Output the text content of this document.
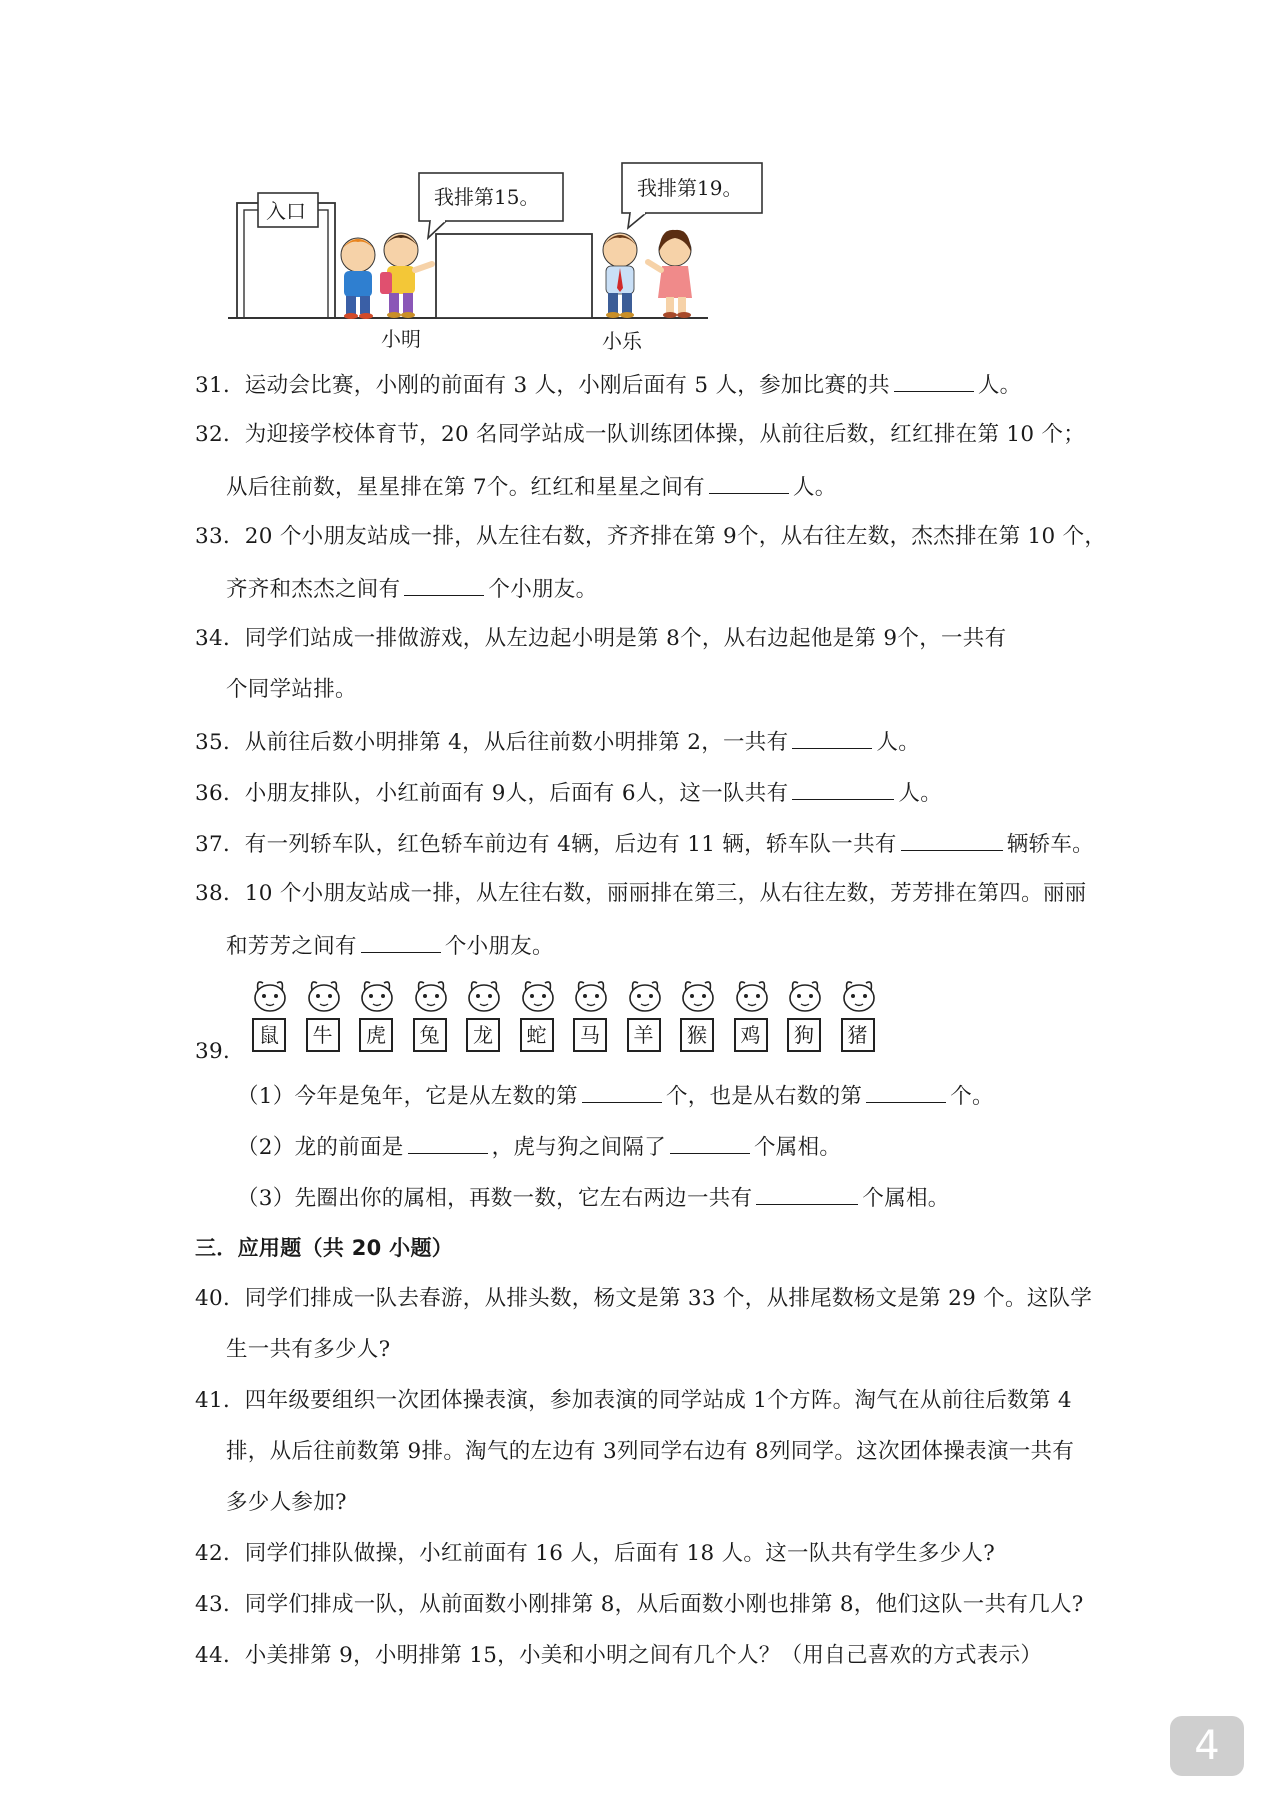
入口
我排第15。	我排第19。
小明	小乐
31．运动会比赛，小刚的前面有 3 人，小刚后面有 5 人，参加比赛的共	人。
32．为迎接学校体育节，20 名同学站成一队训练团体操，从前往后数，红红排在第 10 个；
从后往前数，星星排在第 7个。红红和星星之间有	人。
33．20 个小朋友站成一排，从左往右数，齐齐排在第 9个，从右往左数，杰杰排在第 10 个，
齐齐和杰杰之间有	个小朋友。
34．同学们站成一排做游戏，从左边起小明是第 8个，从右边起他是第 9个，一共有
个同学站排。
35．从前往后数小明排第 4，从后往前数小明排第 2，一共有	人。
36．小朋友排队，小红前面有 9人，后面有 6人，这一队共有	人。
37．有一列轿车队，红色轿车前边有 4辆，后边有 11 辆，轿车队一共有	辆轿车。
38．10 个小朋友站成一排，从左往右数，丽丽排在第三，从右往左数，芳芳排在第四。丽丽
和芳芳之间有	个小朋友。
鼠	牛	虎	兔	龙	蛇	马	羊	猴	鸡	狗	猪
39．
（1）今年是兔年，它是从左数的第	个，也是从右数的第	个。
（2）龙的前面是	，虎与狗之间隔了	个属相。
（3）先圈出你的属相，再数一数，它左右两边一共有	个属相。
三．应用题（共 20 小题）
40．同学们排成一队去春游，从排头数，杨文是第 33 个，从排尾数杨文是第 29 个。这队学
生一共有多少人?
41．四年级要组织一次团体操表演，参加表演的同学站成 1个方阵。淘气在从前往后数第 4
排，从后往前数第 9排。淘气的左边有 3列同学右边有 8列同学。这次团体操表演一共有
多少人参加?
42．同学们排队做操，小红前面有 16 人，后面有 18 人。这一队共有学生多少人?
43．同学们排成一队，从前面数小刚排第 8，从后面数小刚也排第 8，他们这队一共有几人?
44．小美排第 9，小明排第 15，小美和小明之间有几个人？（用自己喜欢的方式表示）
4
